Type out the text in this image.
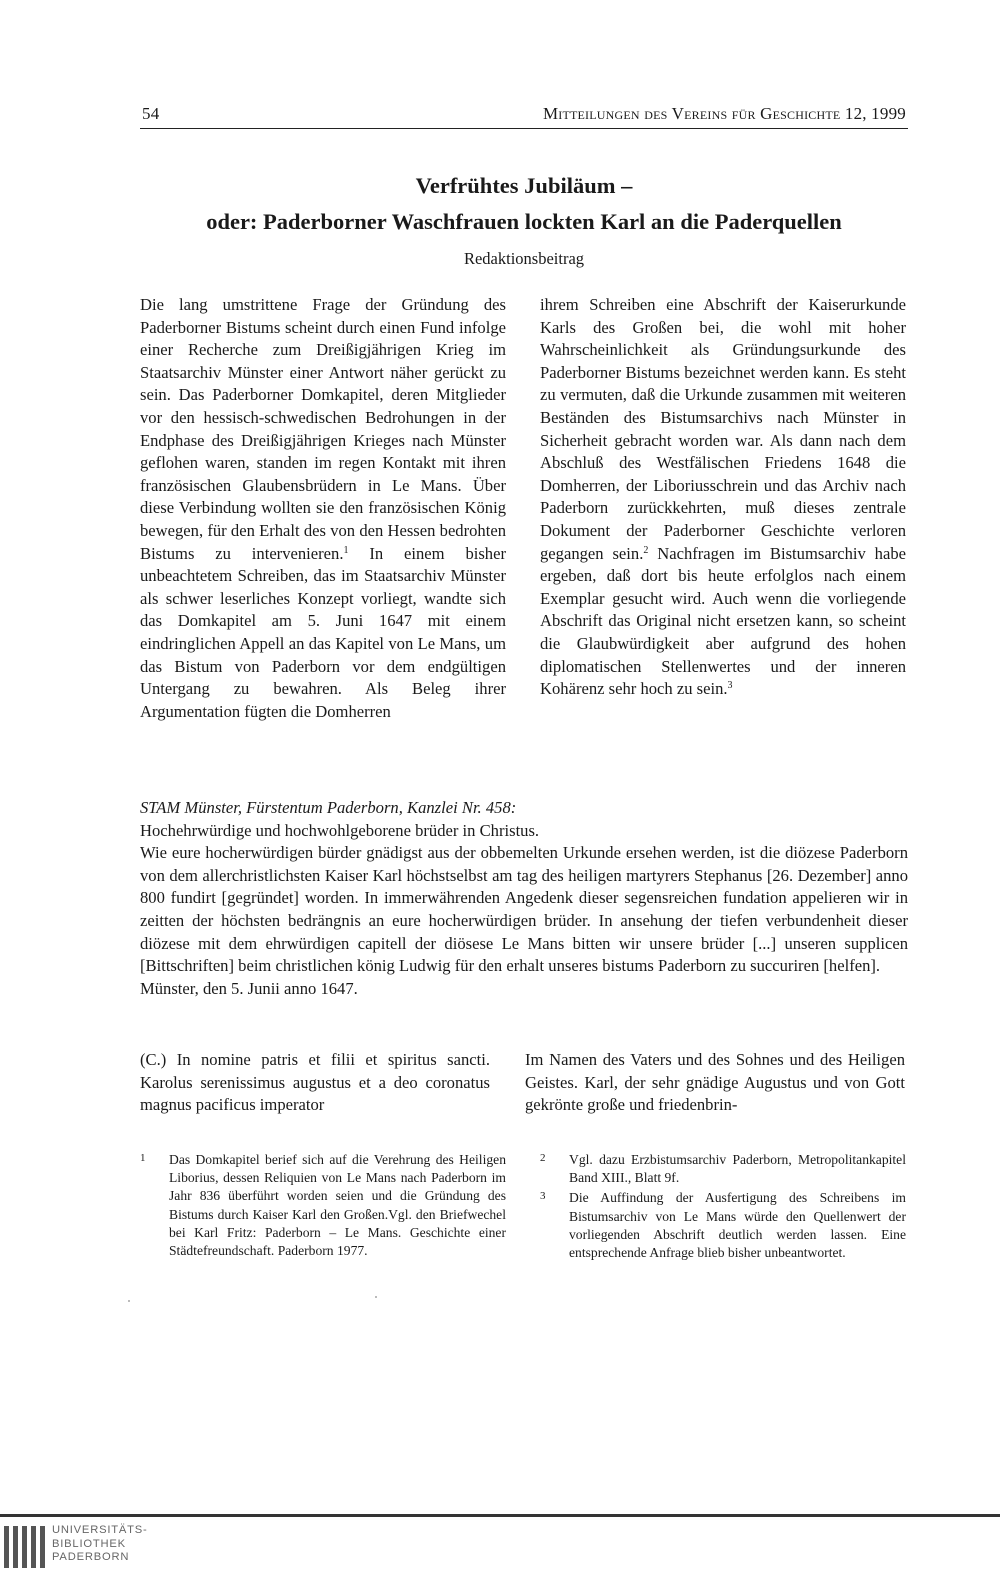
54	Mitteilungen des Vereins für Geschichte 12, 1999
Verfrühtes Jubiläum –
oder: Paderborner Waschfrauen lockten Karl an die Paderquellen
Redaktionsbeitrag

Die lang umstrittene Frage der Gründung des Paderborner Bistums scheint durch einen Fund infolge einer Recherche zum Dreißigjährigen Krieg im Staatsarchiv Münster einer Antwort näher gerückt zu sein. Das Paderborner Domkapitel, deren Mitglieder vor den hessisch-schwedischen Bedrohungen in der Endphase des Dreißigjährigen Krieges nach Münster geflohen waren, standen im regen Kontakt mit ihren französischen Glaubensbrüdern in Le Mans. Über diese Verbindung wollten sie den französischen König bewegen, für den Erhalt des von den Hessen bedrohten Bistums zu intervenieren.$^1$ In einem bisher unbeachtetem Schreiben, das im Staatsarchiv Münster als schwer leserliches Konzept vorliegt, wandte sich das Domkapitel am 5. Juni 1647 mit einem eindringlichen Appell an das Kapitel von Le Mans, um das Bistum von Paderborn vor dem endgültigen Untergang zu bewahren. Als Beleg ihrer Argumentation fügten die Domherren

ihrem Schreiben eine Abschrift der Kaiserurkunde Karls des Großen bei, die wohl mit hoher Wahrscheinlichkeit als Gründungsurkunde des Paderborner Bistums bezeichnet werden kann. Es steht zu vermuten, daß die Urkunde zusammen mit weiteren Beständen des Bistumsarchivs nach Münster in Sicherheit gebracht worden war. Als dann nach dem Abschluß des Westfälischen Friedens 1648 die Domherren, der Liboriusschrein und das Archiv nach Paderborn zurückkehrten, muß dieses zentrale Dokument der Paderborner Geschichte verloren gegangen sein.$^2$ Nachfragen im Bistumsarchiv habe ergeben, daß dort bis heute erfolglos nach einem Exemplar gesucht wird. Auch wenn die vorliegende Abschrift das Original nicht ersetzen kann, so scheint die Glaubwürdigkeit aber aufgrund des hohen diplomatischen Stellenwertes und der inneren Kohärenz sehr hoch zu sein.$^3$

STAM Münster, Fürstentum Paderborn, Kanzlei Nr. 458:

Hochehrwürdige und hochwohlgeborene brüder in Christus.

Wie eure hocherwürdigen bürder gnädigst aus der obbemelten Urkunde ersehen werden, ist die diözese Paderborn von dem allerchristlichsten Kaiser Karl höchstselbst am tag des heiligen martyrers Stephanus [26. Dezember] anno 800 fundirt [gegründet] worden. In immerwährenden Angedenk dieser segensreichen fundation appelieren wir in zeitten der höchsten bedrängnis an eure hocherwürdigen brüder. In ansehung der tiefen verbundenheit dieser diözese mit dem ehrwürdigen capitell der diösese Le Mans bitten wir unsere brüder [...] unseren supplicen [Bittschriften] beim christlichen könig Ludwig für den erhalt unseres bistums Paderborn zu succuriren [helfen].

Münster, den 5. Junii anno 1647.

(C.) In nomine patris et filii et spiritus sancti. Karolus serenissimus augustus et a deo coronatus magnus pacificus imperator

Im Namen des Vaters und des Sohnes und des Heiligen Geistes. Karl, der sehr gnädige Augustus und von Gott gekrönte große und friedenbrin-

1 Das Domkapitel berief sich auf die Verehrung des Heiligen Liborius, dessen Reliquien von Le Mans nach Paderborn im Jahr 836 überführt worden seien und die Gründung des Bistums durch Kaiser Karl den Großen.Vgl. den Briefwechel bei Karl Fritz: Paderborn – Le Mans. Geschichte einer Städtefreundschaft. Paderborn 1977.
2 Vgl. dazu Erzbistumsarchiv Paderborn, Metropolitankapitel Band XIII., Blatt 9f.
3 Die Auffindung der Ausfertigung des Schreibens im Bistumsarchiv von Le Mans würde den Quellenwert der vorliegenden Abschrift deutlich werden lassen. Eine entsprechende Anfrage blieb bisher unbeantwortet.
UNIVERSITÄTS-
BIBLIOTHEK
PADERBORN
